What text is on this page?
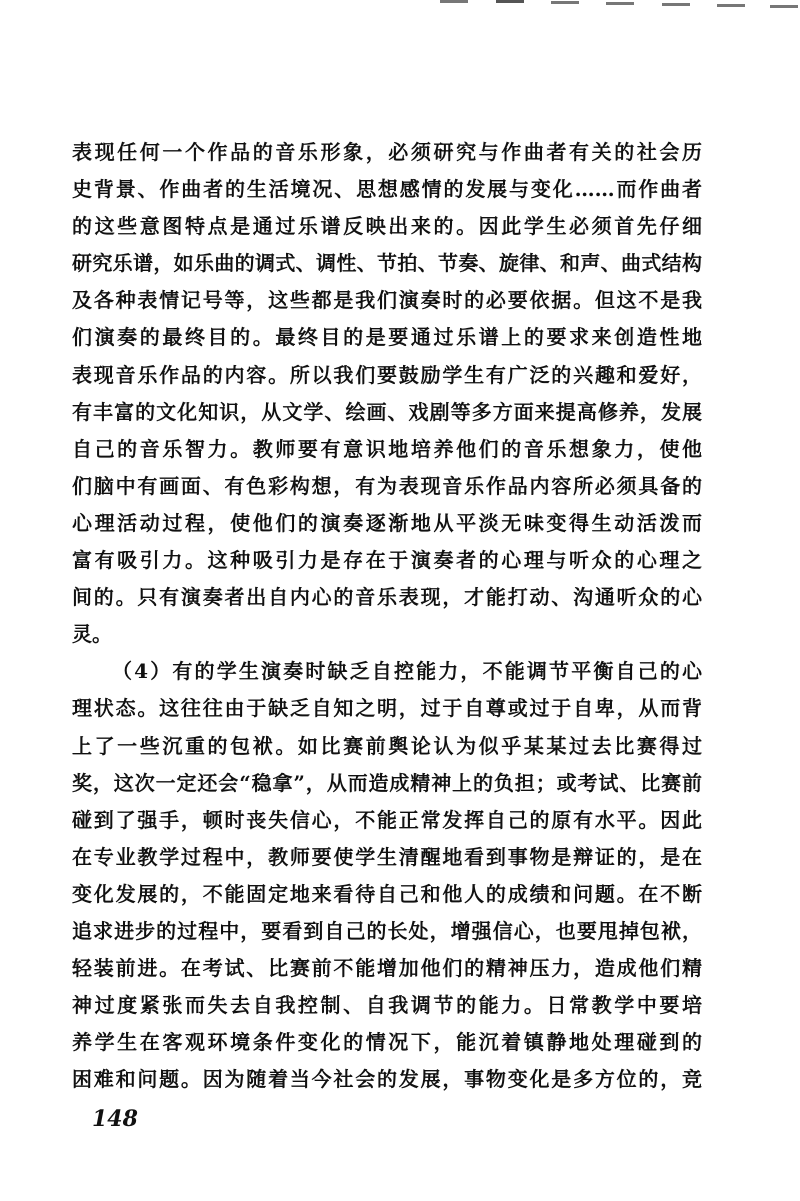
表现任何一个作品的音乐形象，必须研究与作曲者有关的社会历
史背景、作曲者的生活境况、思想感情的发展与变化……而作曲者
的这些意图特点是通过乐谱反映出来的。因此学生必须首先仔细
研究乐谱，如乐曲的调式、调性、节拍、节奏、旋律、和声、曲式结构
及各种表情记号等，这些都是我们演奏时的必要依据。但这不是我
们演奏的最终目的。最终目的是要通过乐谱上的要求来创造性地
表现音乐作品的内容。所以我们要鼓励学生有广泛的兴趣和爱好，
有丰富的文化知识，从文学、绘画、戏剧等多方面来提高修养，发展
自己的音乐智力。教师要有意识地培养他们的音乐想象力，使他
们脑中有画面、有色彩构想，有为表现音乐作品内容所必须具备的
心理活动过程，使他们的演奏逐渐地从平淡无味变得生动活泼而
富有吸引力。这种吸引力是存在于演奏者的心理与听众的心理之
间的。只有演奏者出自内心的音乐表现，才能打动、沟通听众的心
灵。
（4）有的学生演奏时缺乏自控能力，不能调节平衡自己的心
理状态。这往往由于缺乏自知之明，过于自尊或过于自卑，从而背
上了一些沉重的包袱。如比赛前舆论认为似乎某某过去比赛得过
奖，这次一定还会“稳拿”，从而造成精神上的负担；或考试、比赛前
碰到了强手，顿时丧失信心，不能正常发挥自己的原有水平。因此
在专业教学过程中，教师要使学生清醒地看到事物是辩证的，是在
变化发展的，不能固定地来看待自己和他人的成绩和问题。在不断
追求进步的过程中，要看到自己的长处，增强信心，也要甩掉包袱，
轻装前进。在考试、比赛前不能增加他们的精神压力，造成他们精
神过度紧张而失去自我控制、自我调节的能力。日常教学中要培
养学生在客观环境条件变化的情况下，能沉着镇静地处理碰到的
困难和问题。因为随着当今社会的发展，事物变化是多方位的，竞
148
